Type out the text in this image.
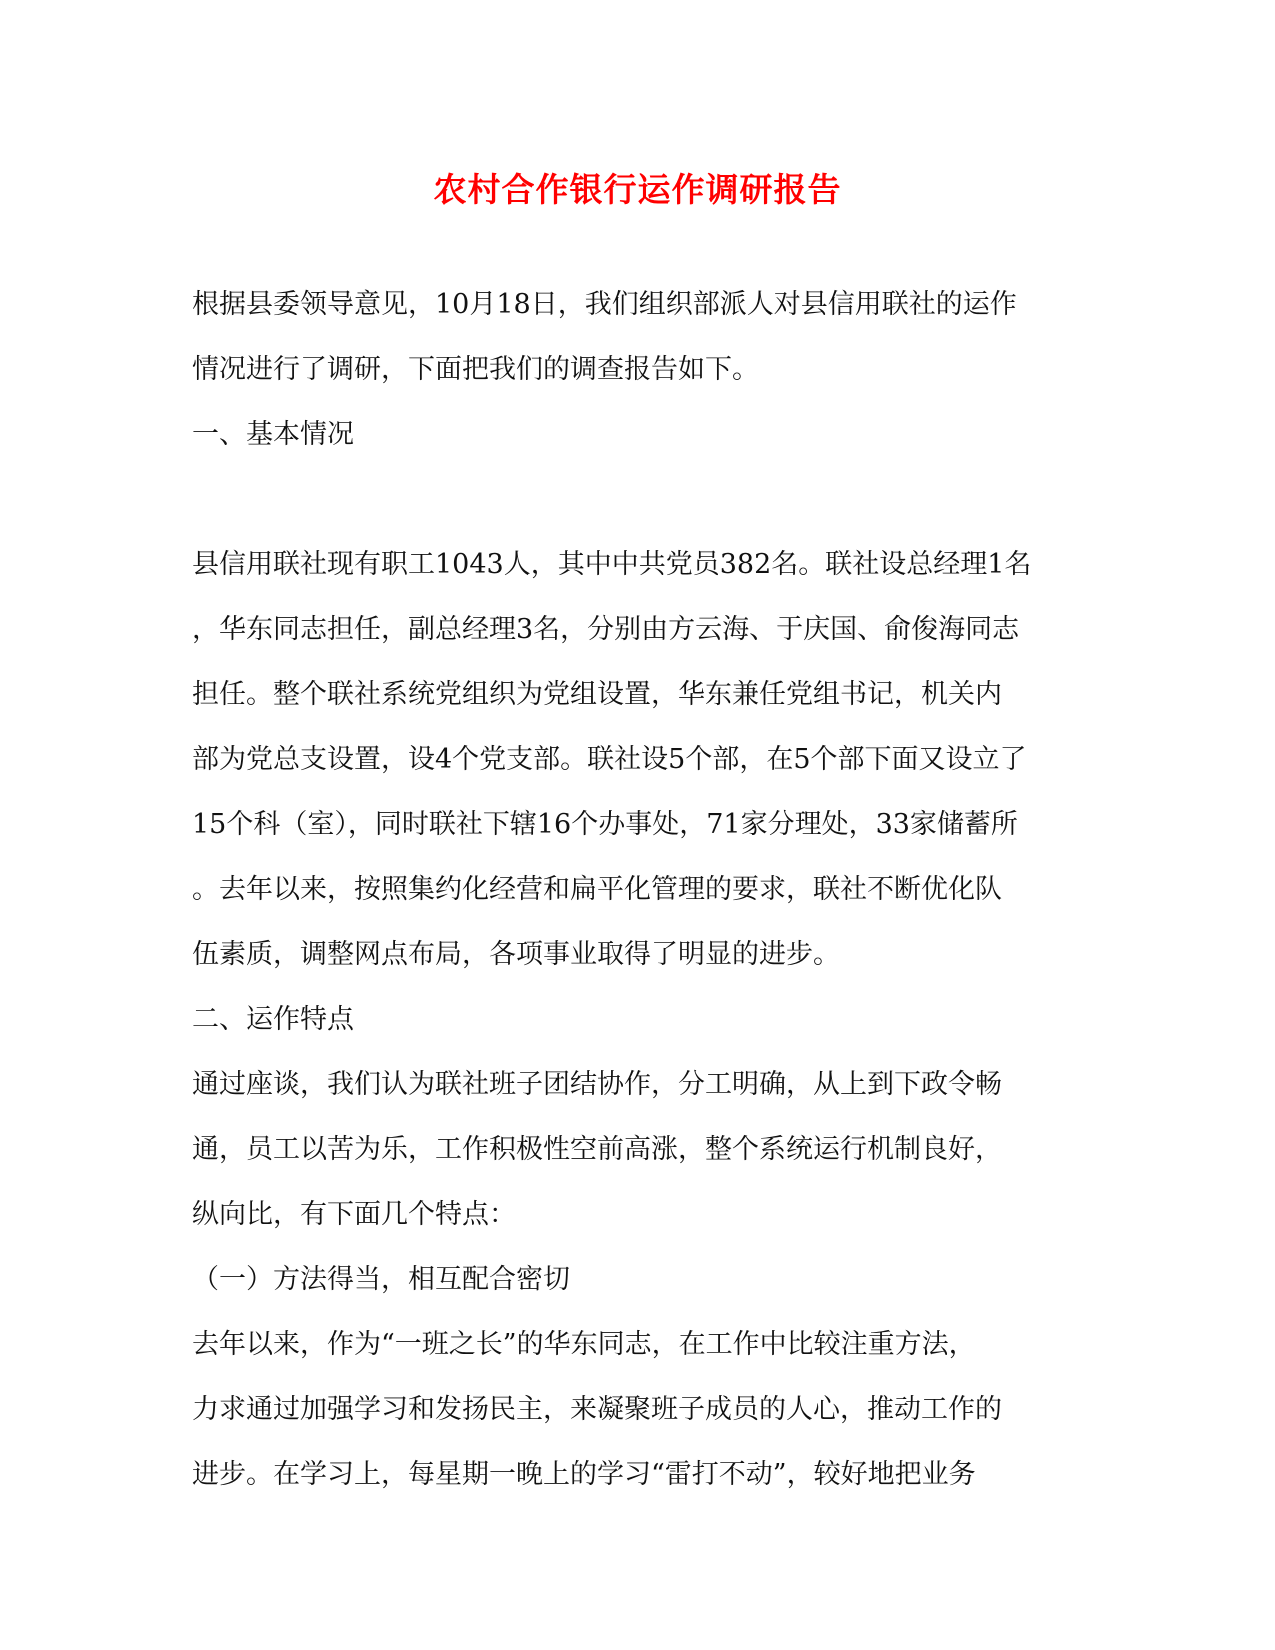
农村合作银行运作调研报告
根据县委领导意见，10月18日，我们组织部派人对县信用联社的运作
情况进行了调研，下面把我们的调查报告如下。
一、基本情况
县信用联社现有职工1043人，其中中共党员382名。联社设总经理1名
，华东同志担任，副总经理3名，分别由方云海、于庆国、俞俊海同志
担任。整个联社系统党组织为党组设置，华东兼任党组书记，机关内
部为党总支设置，设4个党支部。联社设5个部，在5个部下面又设立了
15个科（室），同时联社下辖16个办事处，71家分理处，33家储蓄所
。去年以来，按照集约化经营和扁平化管理的要求，联社不断优化队
伍素质，调整网点布局，各项事业取得了明显的进步。
二、运作特点
通过座谈，我们认为联社班子团结协作，分工明确，从上到下政令畅
通，员工以苦为乐，工作积极性空前高涨，整个系统运行机制良好，
纵向比，有下面几个特点：
（一）方法得当，相互配合密切
去年以来，作为“一班之长”的华东同志，在工作中比较注重方法，
力求通过加强学习和发扬民主，来凝聚班子成员的人心，推动工作的
进步。在学习上，每星期一晚上的学习“雷打不动”，较好地把业务
